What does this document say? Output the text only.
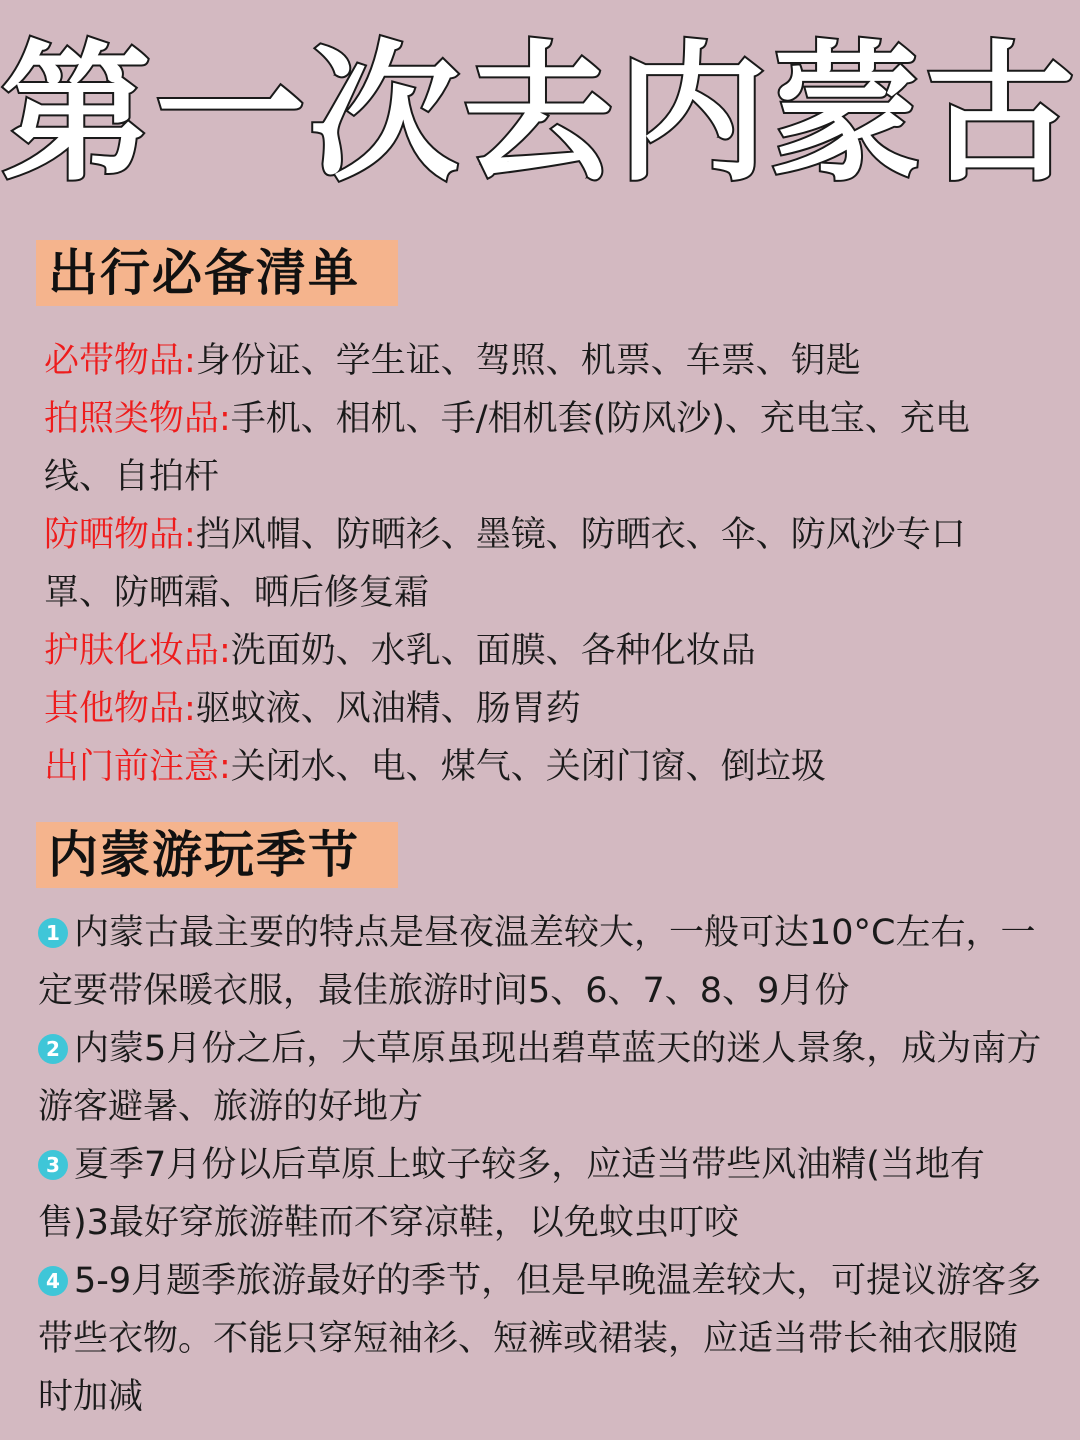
第一次去内蒙古
出行必备清单

必带物品:身份证、学生证、驾照、机票、车票、钥匙

拍照类物品:手机、相机、手/相机套(防风沙)、充电宝、充电线、自拍杆

防晒物品:挡风帽、防晒衫、墨镜、防晒衣、伞、防风沙专口罩、防晒霜、晒后修复霜

护肤化妆品:洗面奶、水乳、面膜、各种化妆品

其他物品:驱蚊液、风油精、肠胃药

出门前注意:关闭水、电、煤气、关闭门窗、倒垃圾

内蒙游玩季节

1 内蒙古最主要的特点是昼夜温差较大，一般可达10°C左右，一定要带保暖衣服，最佳旅游时间5、6、7、8、9月份

2 内蒙5月份之后，大草原虽现出碧草蓝天的迷人景象，成为南方游客避暑、旅游的好地方

3 夏季7月份以后草原上蚊子较多，应适当带些风油精(当地有售)3最好穿旅游鞋而不穿凉鞋，以免蚊虫叮咬

4 5-9月题季旅游最好的季节，但是早晚温差较大，可提议游客多带些衣物。不能只穿短袖衫、短裤或裙装，应适当带长袖衣服随时加减
